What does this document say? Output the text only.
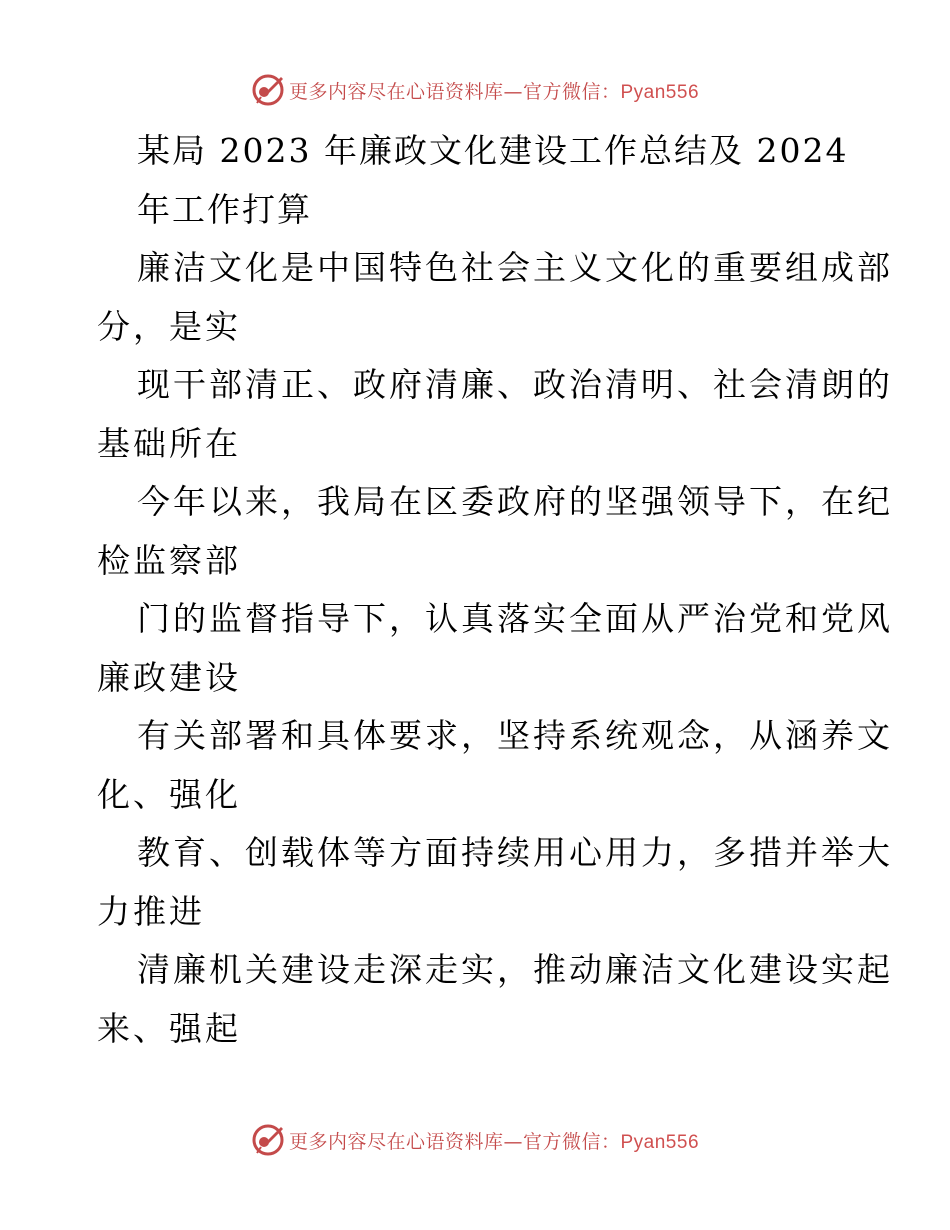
更多内容尽在心语资料库—官方微信：Pyan556
某局 2023 年廉政文化建设工作总结及 2024
年工作打算
廉洁文化是中国特色社会主义文化的重要组成部
分，是实
现干部清正、政府清廉、政治清明、社会清朗的
基础所在
今年以来，我局在区委政府的坚强领导下，在纪
检监察部
门的监督指导下，认真落实全面从严治党和党风
廉政建设
有关部署和具体要求，坚持系统观念，从涵养文
化、强化
教育、创载体等方面持续用心用力，多措并举大
力推进
清廉机关建设走深走实，推动廉洁文化建设实起
来、强起
更多内容尽在心语资料库—官方微信：Pyan556
